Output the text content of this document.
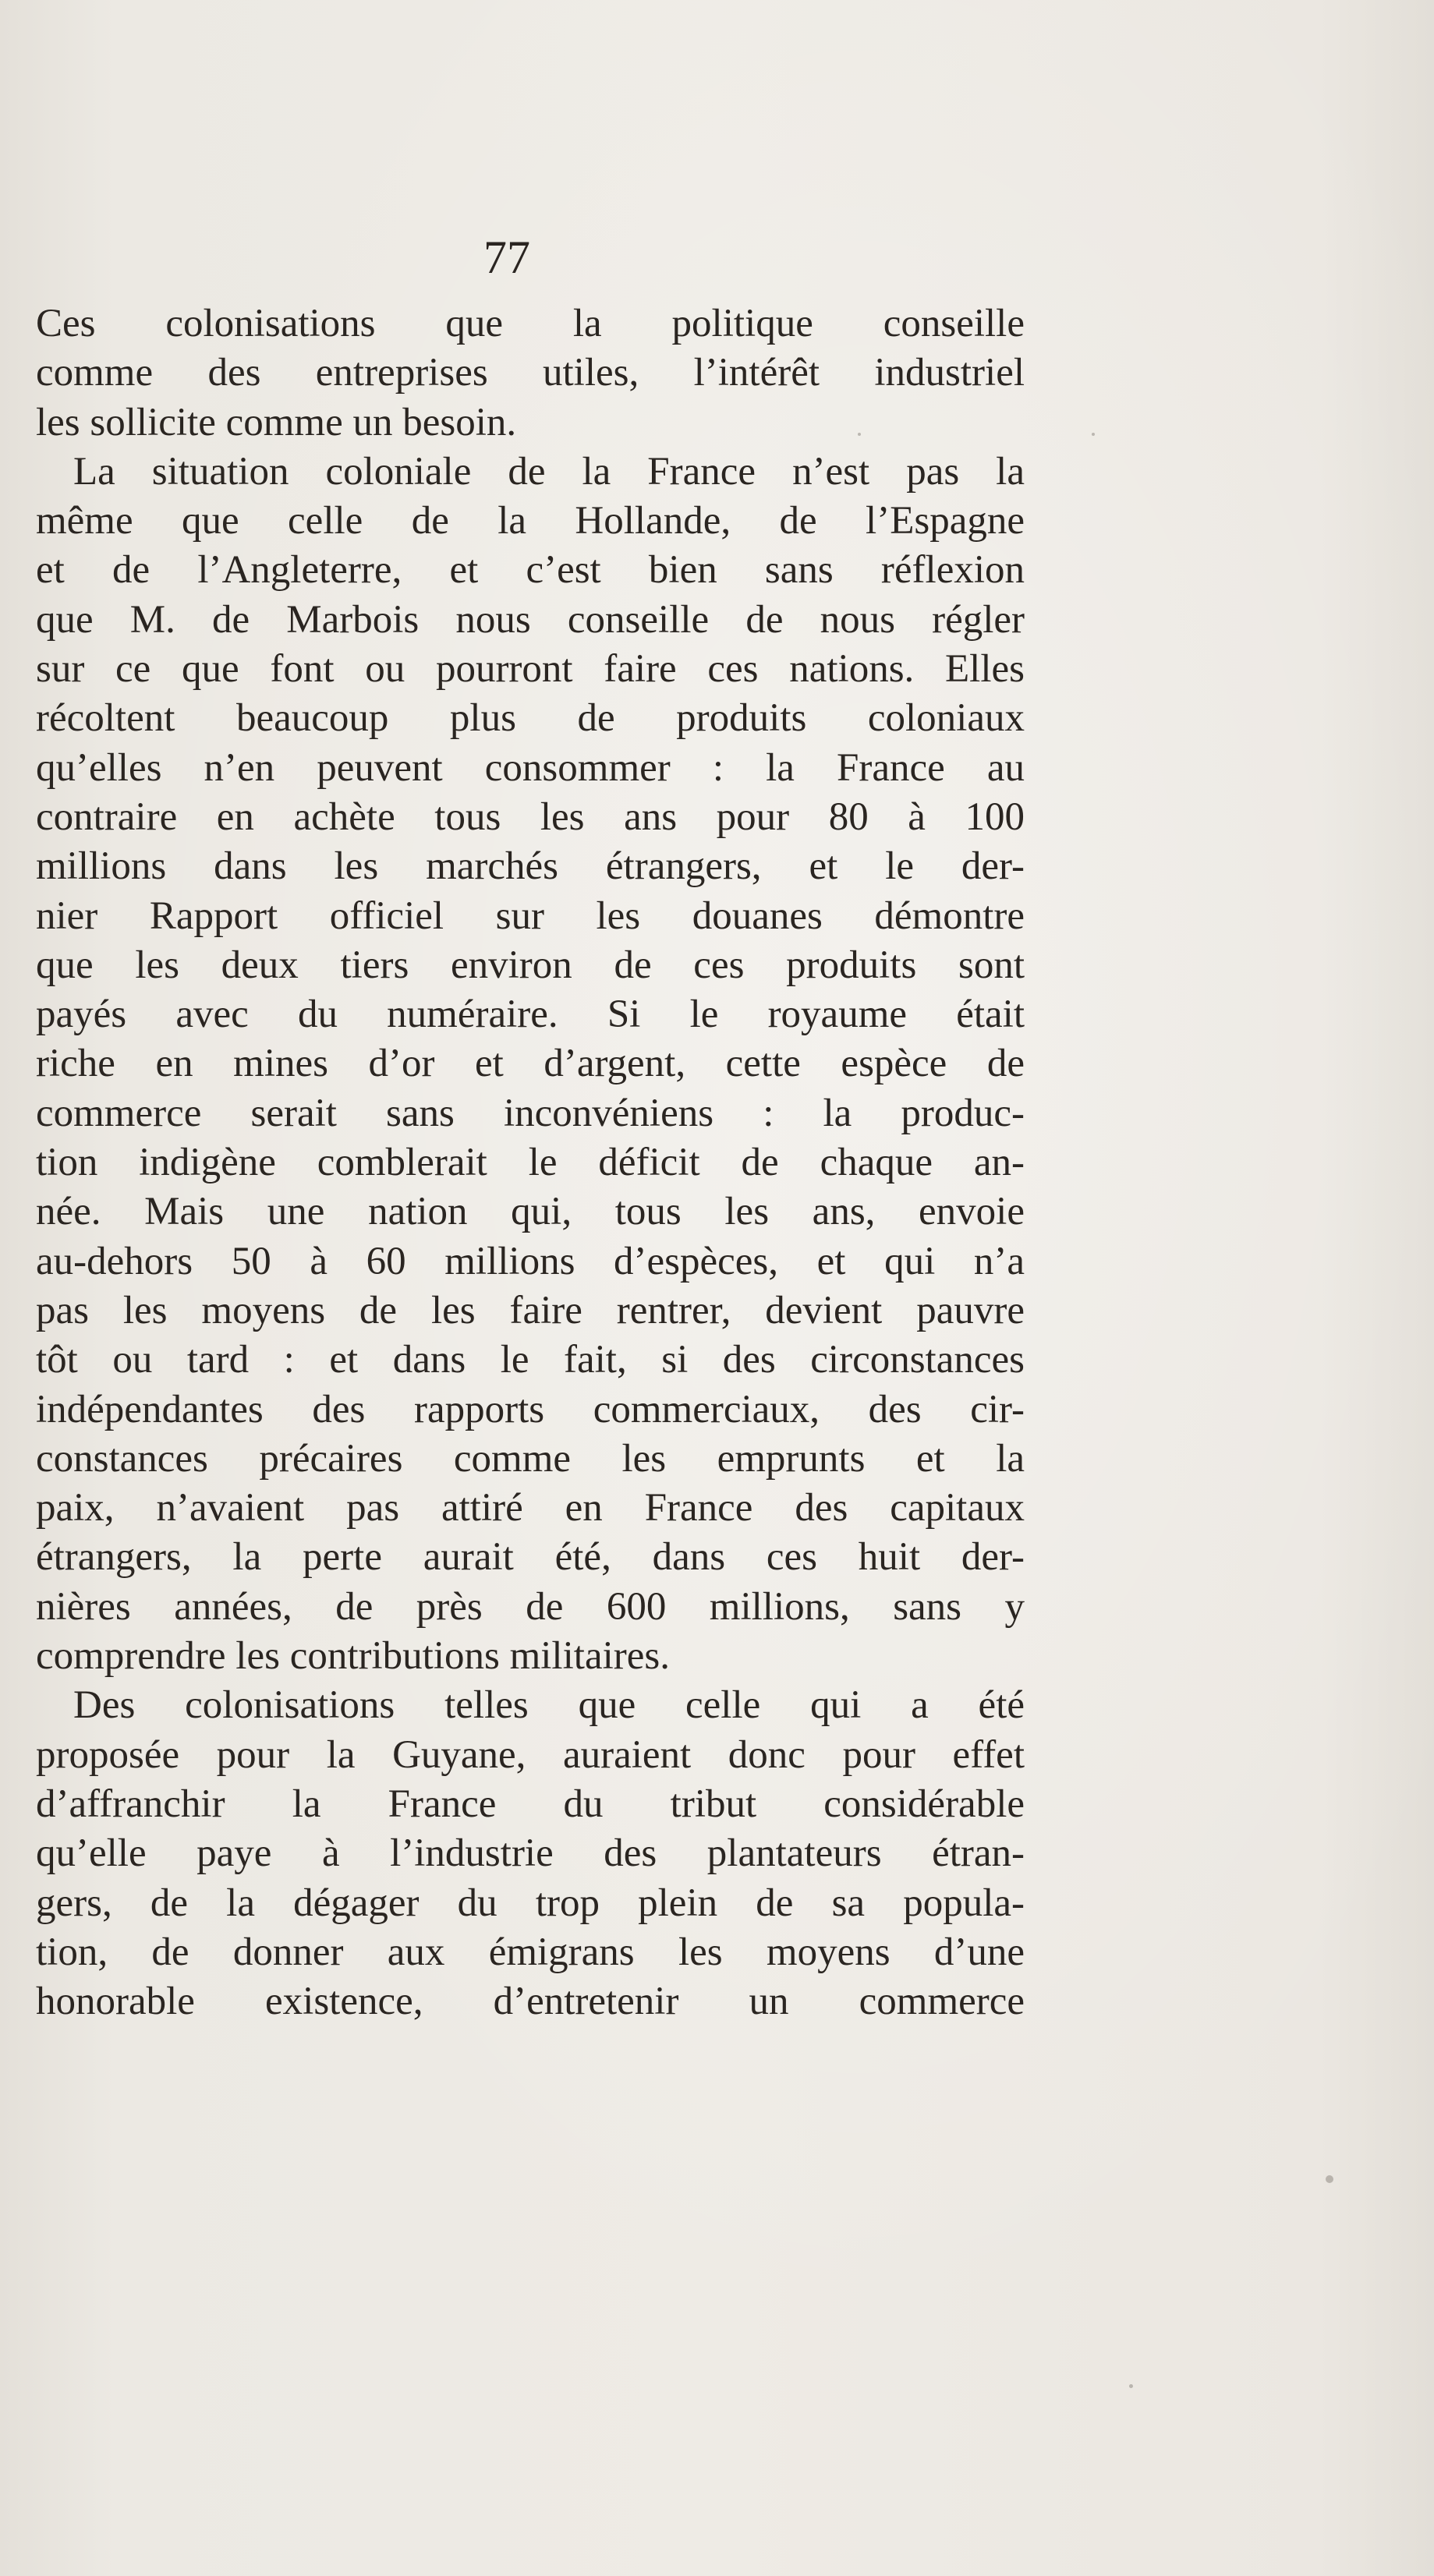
77
Ces colonisations que la politique conseille
comme des entreprises utiles, l’intérêt industriel
les sollicite comme un besoin.
La situation coloniale de la France n’est pas la
même que celle de la Hollande, de l’Espagne
et de l’Angleterre, et c’est bien sans réflexion
que M. de Marbois nous conseille de nous régler
sur ce que font ou pourront faire ces nations. Elles
récoltent beaucoup plus de produits coloniaux
qu’elles n’en peuvent consommer : la France au
contraire en achète tous les ans pour 80 à 100
millions dans les marchés étrangers, et le der-
nier Rapport officiel sur les douanes démontre
que les deux tiers environ de ces produits sont
payés avec du numéraire. Si le royaume était
riche en mines d’or et d’argent, cette espèce de
commerce serait sans inconvéniens : la produc-
tion indigène comblerait le déficit de chaque an-
née. Mais une nation qui, tous les ans, envoie
au-dehors 50 à 60 millions d’espèces, et qui n’a
pas les moyens de les faire rentrer, devient pauvre
tôt ou tard : et dans le fait, si des circonstances
indépendantes des rapports commerciaux, des cir-
constances précaires comme les emprunts et la
paix, n’avaient pas attiré en France des capitaux
étrangers, la perte aurait été, dans ces huit der-
nières années, de près de 600 millions, sans y
comprendre les contributions militaires.
Des colonisations telles que celle qui a été
proposée pour la Guyane, auraient donc pour effet
d’affranchir la France du tribut considérable
qu’elle paye à l’industrie des plantateurs étran-
gers, de la dégager du trop plein de sa popula-
tion, de donner aux émigrans les moyens d’une
honorable existence, d’entretenir un commerce
